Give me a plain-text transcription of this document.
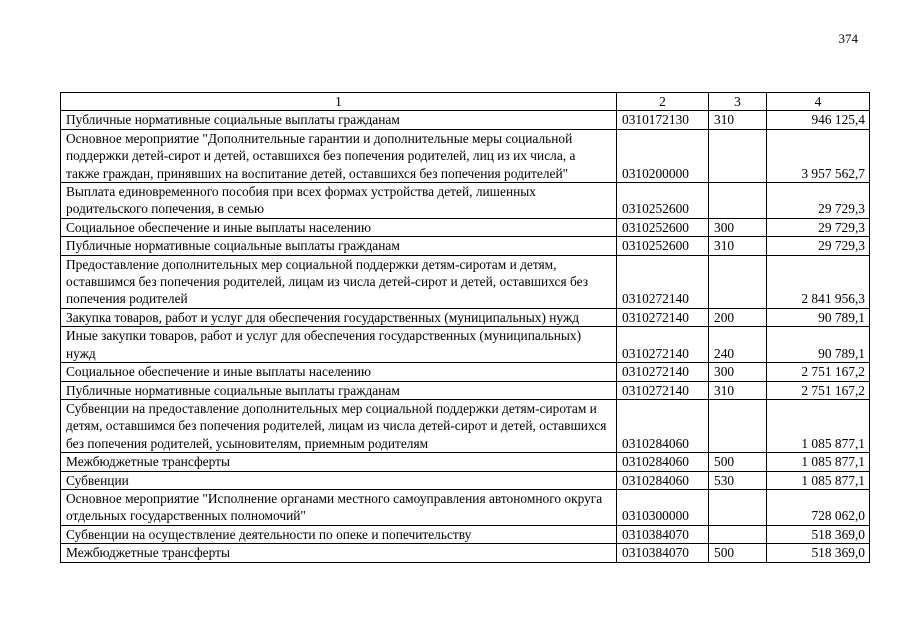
374
1	2	3	4
Публичные нормативные социальные выплаты гражданам	0310172130	310	946 125,4
Основное мероприятие "Дополнительные гарантии и дополнительные меры социальной поддержки детей-сирот и детей, оставшихся без попечения родителей, лиц из их числа, а также граждан, принявших на воспитание детей, оставшихся без попечения родителей"	0310200000		3 957 562,7
Выплата единовременного пособия при всех формах устройства детей, лишенных родительского попечения, в семью	0310252600		29 729,3
Социальное обеспечение и иные выплаты населению	0310252600	300	29 729,3
Публичные нормативные социальные выплаты гражданам	0310252600	310	29 729,3
Предоставление дополнительных мер социальной поддержки детям-сиротам и детям, оставшимся без попечения родителей, лицам из числа детей-сирот и детей, оставшихся без попечения родителей	0310272140		2 841 956,3
Закупка товаров, работ и услуг для обеспечения государственных (муниципальных) нужд	0310272140	200	90 789,1
Иные закупки товаров, работ и услуг для обеспечения государственных (муниципальных) нужд	0310272140	240	90 789,1
Социальное обеспечение и иные выплаты населению	0310272140	300	2 751 167,2
Публичные нормативные социальные выплаты гражданам	0310272140	310	2 751 167,2
Субвенции на предоставление дополнительных мер социальной поддержки детям-сиротам и детям, оставшимся без попечения родителей, лицам из числа детей-сирот и детей, оставшихся без попечения родителей, усыновителям, приемным родителям	0310284060		1 085 877,1
Межбюджетные трансферты	0310284060	500	1 085 877,1
Субвенции	0310284060	530	1 085 877,1
Основное мероприятие "Исполнение органами местного самоуправления автономного округа отдельных государственных полномочий"	0310300000		728 062,0
Субвенции на осуществление деятельности по опеке и попечительству	0310384070		518 369,0
Межбюджетные трансферты	0310384070	500	518 369,0
